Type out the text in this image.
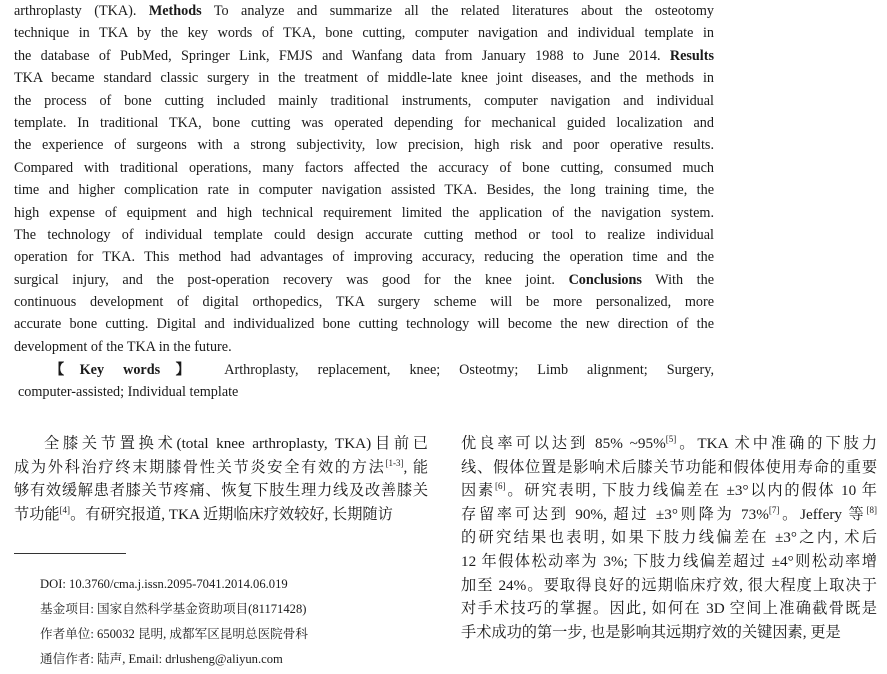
arthroplasty (TKA). Methods To analyze and summarize all the related literatures about the osteotomy
technique in TKA by the key words of TKA, bone cutting, computer navigation and individual template in
the database of PubMed, Springer Link, FMJS and Wanfang data from January 1988 to June 2014. Results
TKA became standard classic surgery in the treatment of middle-late knee joint diseases, and the methods in
the process of bone cutting included mainly traditional instruments, computer navigation and individual
template. In traditional TKA, bone cutting was operated depending for mechanical guided localization and
the experience of surgeons with a strong subjectivity, low precision, high risk and poor operative results.
Compared with traditional operations, many factors affected the accuracy of bone cutting, consumed much
time and higher complication rate in computer navigation assisted TKA. Besides, the long training time, the
high expense of equipment and high technical requirement limited the application of the navigation system.
The technology of individual template could design accurate cutting method or tool to realize individual
operation for TKA. This method had advantages of improving accuracy, reducing the operation time and the
surgical injury, and the post-operation recovery was good for the knee joint. Conclusions With the
continuous development of digital orthopedics, TKA surgery scheme will be more personalized, more
accurate bone cutting. Digital and individualized bone cutting technology will become the new direction of the
development of the TKA in the future.
【Key words】 Arthroplasty, replacement, knee; Osteotmy; Limb alignment; Surgery,
computer-assisted; Individual template
全膝关节置换术(total knee arthroplasty, TKA)目前已
成为外科治疗终末期膝骨性关节炎安全有效的方法[1-3], 能
够有效缓解患者膝关节疼痛、恢复下肢生理力线及改善膝关
节功能[4]。有研究报道, TKA 近期临床疗效较好, 长期随访
DOI: 10.3760/cma.j.issn.2095-7041.2014.06.019
基金项目: 国家自然科学基金资助项目(81171428)
作者单位: 650032 昆明, 成都军区昆明总医院骨科
通信作者: 陆声, Email: drlusheng@aliyun.com
优良率可以达到 85% ~95%[5]。TKA 术中准确的下肢力
线、假体位置是影响术后膝关节功能和假体使用寿命的重要
因素[6]。研究表明, 下肢力线偏差在 ±3°以内的假体 10 年
存留率可达到 90%, 超过 ±3°则降为 73%[7]。Jeffery 等[8]
的研究结果也表明, 如果下肢力线偏差在 ±3°之内, 术后
12 年假体松动率为 3%; 下肢力线偏差超过 ±4°则松动率增
加至 24%。要取得良好的远期临床疗效, 很大程度上取决于
对手术技巧的掌握。因此, 如何在 3D 空间上准确截骨既是
手术成功的第一步, 也是影响其远期疗效的关键因素, 更是
